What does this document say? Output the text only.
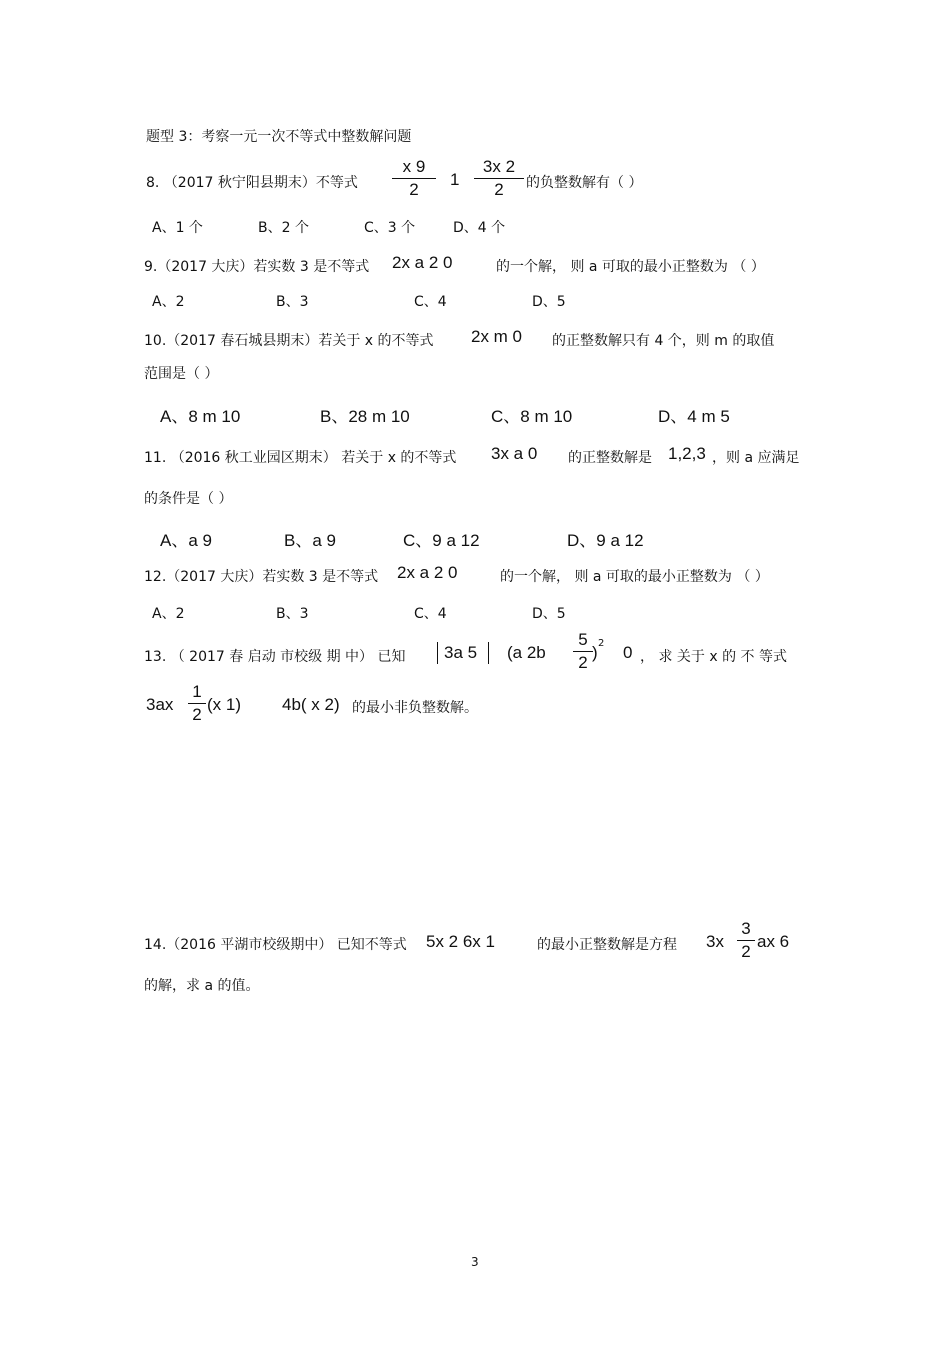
题型 3：考察一元一次不等式中整数解问题
8. （2017 秋宁阳县期末）不等式
x 9
2
1
3x 2
2	的负整数解有（ ）
A、1 个	B、2 个	C、3 个	D、4 个
9.（2017 大庆）若实数 3 是不等式 2x a 2 0	的一个解， 则 a 可取的最小正整数为 （ ）
A、2	B、3	C、4	D、5
10.（2017 春石城县期末）若关于 x 的不等式 2x m 0 的正整数解只有 4 个，则 m 的取值
范围是（ ）
A、8 m 10	B、28 m 10	C、8 m 10	D、4 m 5
11. （2016 秋工业园区期末） 若关于 x 的不等式 3x a 0 的正整数解是 1,2,3 ，则 a 应满足
的条件是（ ）
A、a 9	B、a 9	C、9 a 12	D、9 a 12
12.（2017 大庆）若实数 3 是不等式 2x a 2 0	的一个解， 则 a 可取的最小正整数为 （ ）
A、2	B、3	C、4	D、5
13. （ 2017 春 启动 市校级 期 中） 已知 3a 5 (a 2b
5
2
) 2 0 ， 求 关于 x 的 不 等式
3ax
1
2
(x 1) 4b( x 2) 的最小非负整数解。
14.（2016 平湖市校级期中） 已知不等式 5x 2 6x 1	的最小正整数解是方程 3x
3
2
ax 6
的解，求 a 的值。
3
